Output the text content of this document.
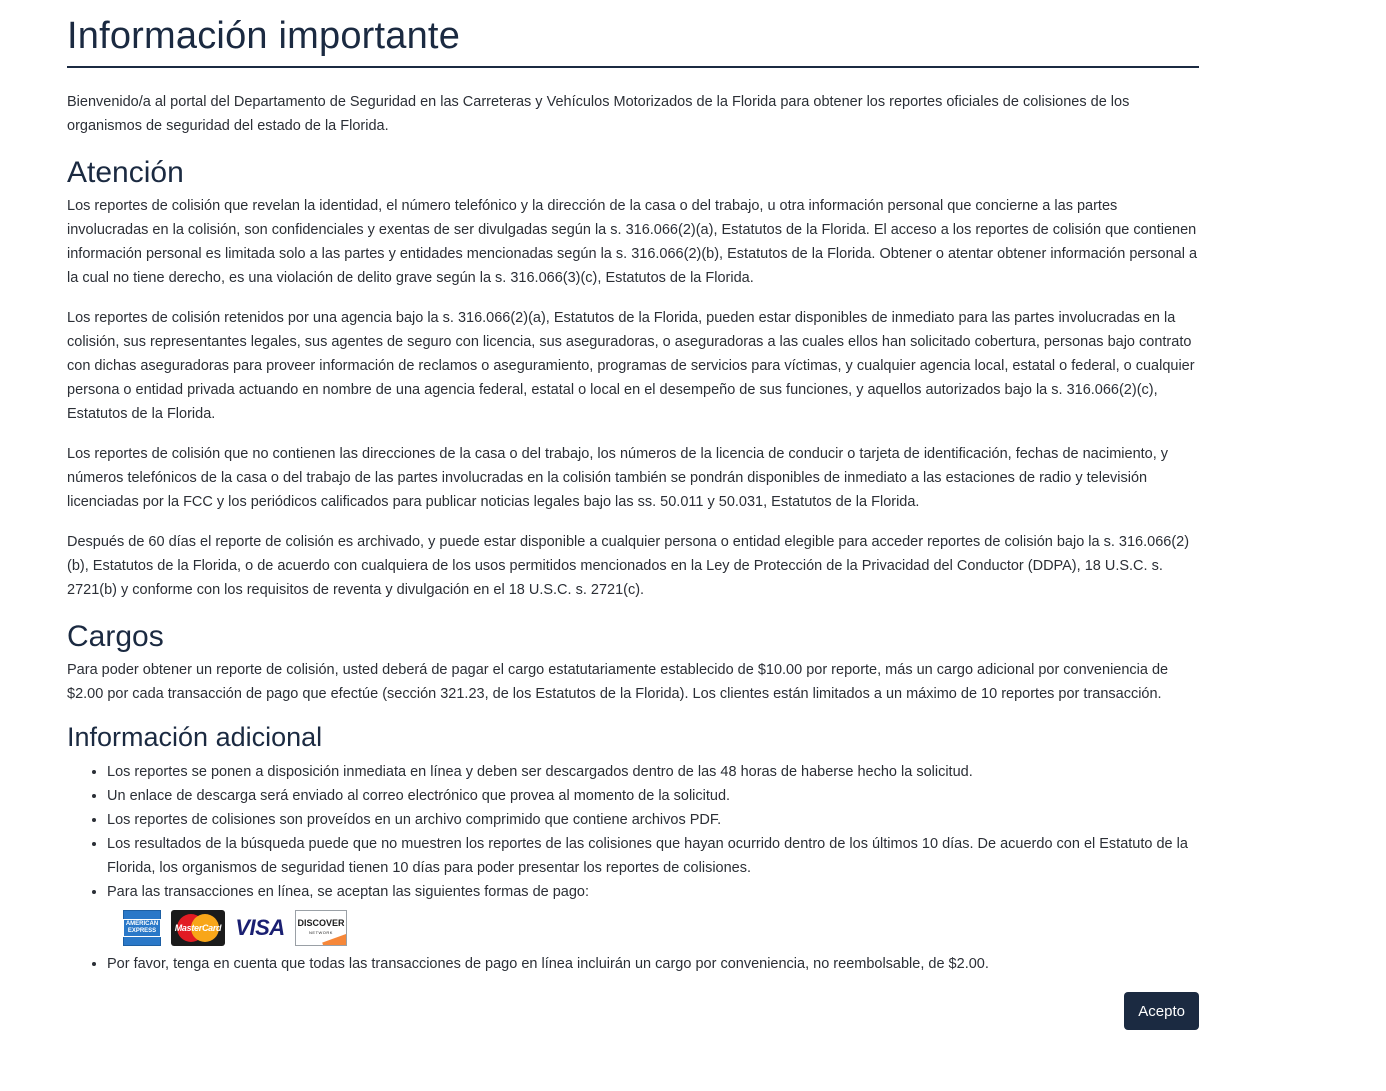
Información importante

Bienvenido/a al portal del Departamento de Seguridad en las Carreteras y Vehículos Motorizados de la Florida para obtener los reportes oficiales de colisiones de los organismos de seguridad del estado de la Florida.

Atención

Los reportes de colisión que revelan la identidad, el número telefónico y la dirección de la casa o del trabajo, u otra información personal que concierne a las partes involucradas en la colisión, son confidenciales y exentas de ser divulgadas según la s. 316.066(2)(a), Estatutos de la Florida. El acceso a los reportes de colisión que contienen información personal es limitada solo a las partes y entidades mencionadas según la s. 316.066(2)(b), Estatutos de la Florida. Obtener o atentar obtener información personal a la cual no tiene derecho, es una violación de delito grave según la s. 316.066(3)(c), Estatutos de la Florida.

Los reportes de colisión retenidos por una agencia bajo la s. 316.066(2)(a), Estatutos de la Florida, pueden estar disponibles de inmediato para las partes involucradas en la colisión, sus representantes legales, sus agentes de seguro con licencia, sus aseguradoras, o aseguradoras a las cuales ellos han solicitado cobertura, personas bajo contrato con dichas aseguradoras para proveer información de reclamos o aseguramiento, programas de servicios para víctimas, y cualquier agencia local, estatal o federal, o cualquier persona o entidad privada actuando en nombre de una agencia federal, estatal o local en el desempeño de sus funciones, y aquellos autorizados bajo la s. 316.066(2)(c), Estatutos de la Florida.

Los reportes de colisión que no contienen las direcciones de la casa o del trabajo, los números de la licencia de conducir o tarjeta de identificación, fechas de nacimiento, y números telefónicos de la casa o del trabajo de las partes involucradas en la colisión también se pondrán disponibles de inmediato a las estaciones de radio y televisión licenciadas por la FCC y los periódicos calificados para publicar noticias legales bajo las ss. 50.011 y 50.031, Estatutos de la Florida.

Después de 60 días el reporte de colisión es archivado, y puede estar disponible a cualquier persona o entidad elegible para acceder reportes de colisión bajo la s. 316.066(2)(b), Estatutos de la Florida, o de acuerdo con cualquiera de los usos permitidos mencionados en la Ley de Protección de la Privacidad del Conductor (DDPA), 18 U.S.C. s. 2721(b) y conforme con los requisitos de reventa y divulgación en el 18 U.S.C. s. 2721(c).

Cargos

Para poder obtener un reporte de colisión, usted deberá de pagar el cargo estatutariamente establecido de $10.00 por reporte, más un cargo adicional por conveniencia de $2.00 por cada transacción de pago que efectúe (sección 321.23, de los Estatutos de la Florida). Los clientes están limitados a un máximo de 10 reportes por transacción.

Información adicional
• Los reportes se ponen a disposición inmediata en línea y deben ser descargados dentro de las 48 horas de haberse hecho la solicitud.
• Un enlace de descarga será enviado al correo electrónico que provea al momento de la solicitud.
• Los reportes de colisiones son proveídos en un archivo comprimido que contiene archivos PDF.
• Los resultados de la búsqueda puede que no muestren los reportes de las colisiones que hayan ocurrido dentro de los últimos 10 días. De acuerdo con el Estatuto de la Florida, los organismos de seguridad tienen 10 días para poder presentar los reportes de colisiones.
• Para las transacciones en línea, se aceptan las siguientes formas de pago:
AMERICAN
EXPRESS MasterCard VISA DISCOVER
NETWORK
• Por favor, tenga en cuenta que todas las transacciones de pago en línea incluirán un cargo por conveniencia, no reembolsable, de $2.00.
Acepto
